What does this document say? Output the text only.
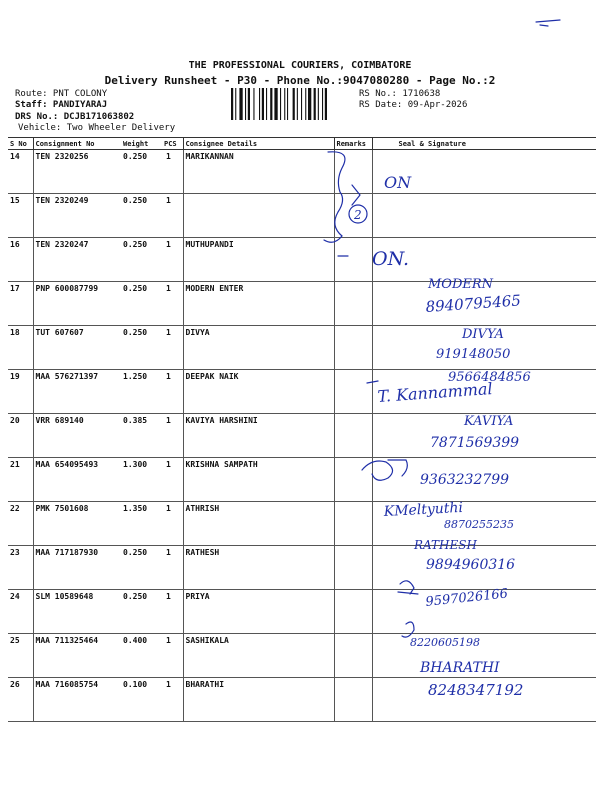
THE PROFESSIONAL COURIERS, COIMBATORE
Delivery Runsheet - P30 - Phone No.:9047080280 - Page No.:2
Route: PNT COLONY
Staff: PANDIYARAJ
DRS No.: DCJB171063802
Vehicle: Two Wheeler Delivery
RS No.: 1710638
RS Date: 09-Apr-2026
S No	Consignment No	Weight	PCS	Consignee Details	Remarks	Seal & Signature
14	TEN 2320256	0.250	1	MARIKANNAN		
15	TEN 2320249	0.250	1			
16	TEN 2320247	0.250	1	MUTHUPANDI		
17	PNP 600087799	0.250	1	MODERN ENTER		
18	TUT 607607	0.250	1	DIVYA		
19	MAA 576271397	1.250	1	DEEPAK NAIK		
20	VRR 689140	0.385	1	KAVIYA HARSHINI		
21	MAA 654095493	1.300	1	KRISHNA SAMPATH		
22	PMK 7501608	1.350	1	ATHRISH		
23	MAA 717187930	0.250	1	RATHESH		
24	SLM 10589648	0.250	1	PRIYA		
25	MAA 711325464	0.400	1	SASHIKALA		
26	MAA 716085754	0.100	1	BHARATHI		
ON
2
ON.
MODERN
8940795465
DIVYA
919148050
9566484856
T. Kannammal
KAVIYA
7871569399
9363232799
KMeltyuthi
8870255235
RATHESH
9894960316
9597026166
8220605198
BHARATHI
8248347192
